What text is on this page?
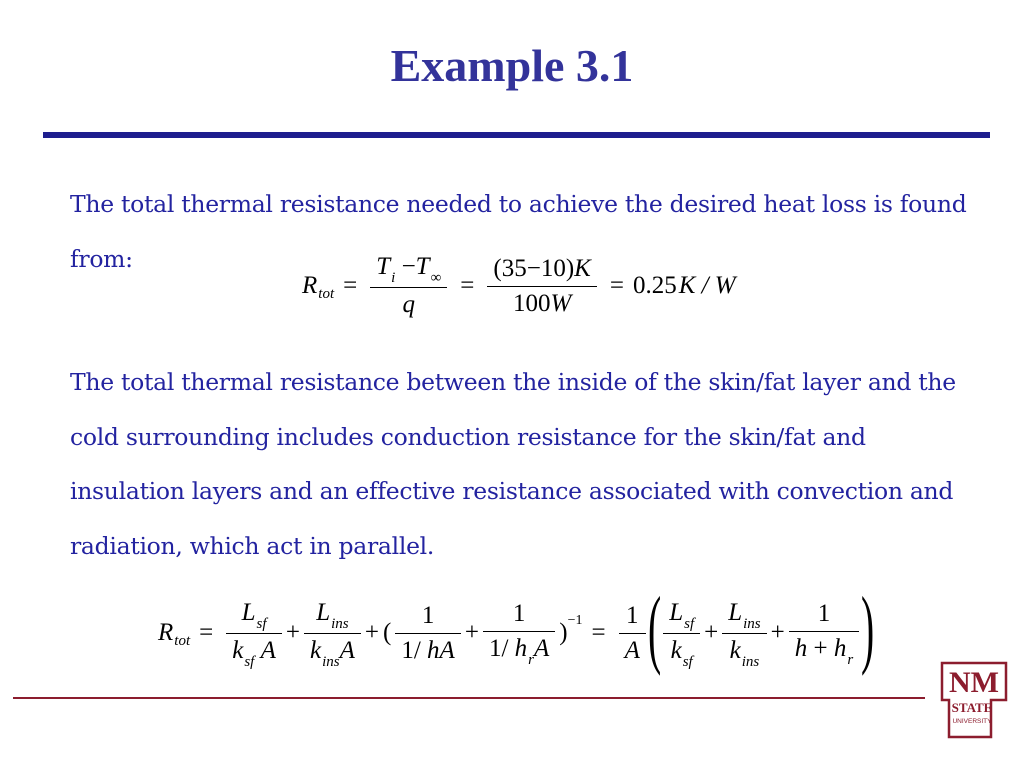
Example 3.1

The total thermal resistance needed to achieve the desired heat loss is found from:

R tot = $\frac{T_i -T_\infty}{q} = \frac{(35-10)K}{100W} = 0.25$ K / W

The total thermal resistance between the inside of the skin/fat layer and the cold surrounding includes conduction resistance for the skin/fat and insulation layers and an effective resistance associated with convection and radiation, which act in parallel.

R tot = $\frac{L_{sf}}{k_{sf} A} + \frac{L_{ins}}{k_{ins}A}$ + ( $\frac{1}{1/ hA} + \frac{1}{1/ h_rA}$ ) $-1 = \frac{1}{A}$ ( $\frac{L_{sf}}{k_{sf}} + \frac{L_{ins}}{k_{ins}} + \frac{1}{h + h_r}$ )
NM
STATE
UNIVERSITY
